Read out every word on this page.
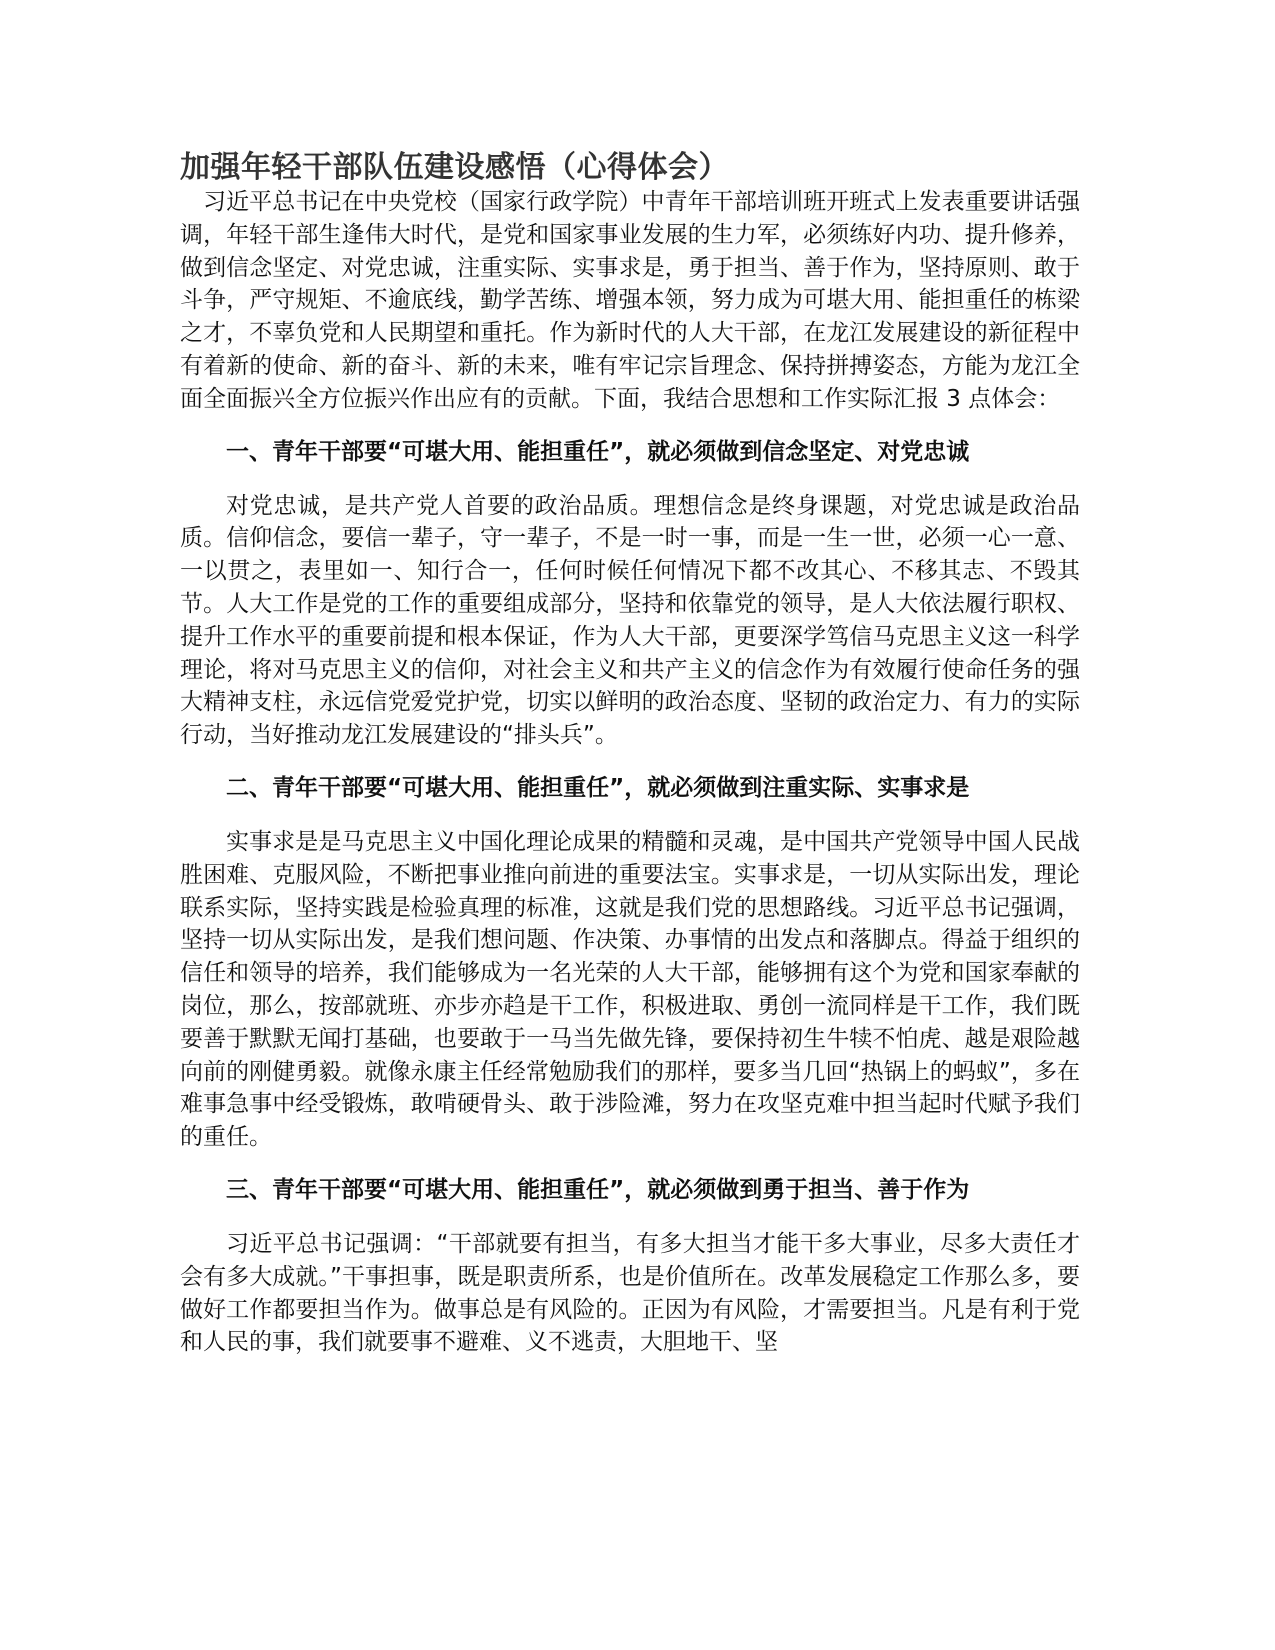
加强年轻干部队伍建设感悟（心得体会）

习近平总书记在中央党校（国家行政学院）中青年干部培训班开班式上发表重要讲话强调，年轻干部生逢伟大时代，是党和国家事业发展的生力军，必须练好内功、提升修养，做到信念坚定、对党忠诚，注重实际、实事求是，勇于担当、善于作为，坚持原则、敢于斗争，严守规矩、不逾底线，勤学苦练、增强本领，努力成为可堪大用、能担重任的栋梁之才，不辜负党和人民期望和重托。作为新时代的人大干部，在龙江发展建设的新征程中有着新的使命、新的奋斗、新的未来，唯有牢记宗旨理念、保持拼搏姿态，方能为龙江全面全面振兴全方位振兴作出应有的贡献。下面，我结合思想和工作实际汇报 3 点体会：

一、青年干部要“可堪大用、能担重任”，就必须做到信念坚定、对党忠诚

对党忠诚，是共产党人首要的政治品质。理想信念是终身课题，对党忠诚是政治品质。信仰信念，要信一辈子，守一辈子，不是一时一事，而是一生一世，必须一心一意、一以贯之，表里如一、知行合一，任何时候任何情况下都不改其心、不移其志、不毁其节。人大工作是党的工作的重要组成部分，坚持和依靠党的领导，是人大依法履行职权、提升工作水平的重要前提和根本保证，作为人大干部，更要深学笃信马克思主义这一科学理论，将对马克思主义的信仰，对社会主义和共产主义的信念作为有效履行使命任务的强大精神支柱，永远信党爱党护党，切实以鲜明的政治态度、坚韧的政治定力、有力的实际行动，当好推动龙江发展建设的“排头兵”。

二、青年干部要“可堪大用、能担重任”，就必须做到注重实际、实事求是

实事求是是马克思主义中国化理论成果的精髓和灵魂，是中国共产党领导中国人民战胜困难、克服风险，不断把事业推向前进的重要法宝。实事求是，一切从实际出发，理论联系实际，坚持实践是检验真理的标准，这就是我们党的思想路线。习近平总书记强调，坚持一切从实际出发，是我们想问题、作决策、办事情的出发点和落脚点。得益于组织的信任和领导的培养，我们能够成为一名光荣的人大干部，能够拥有这个为党和国家奉献的岗位，那么，按部就班、亦步亦趋是干工作，积极进取、勇创一流同样是干工作，我们既要善于默默无闻打基础，也要敢于一马当先做先锋，要保持初生牛犊不怕虎、越是艰险越向前的刚健勇毅。就像永康主任经常勉励我们的那样，要多当几回“热锅上的蚂蚁”，多在难事急事中经受锻炼，敢啃硬骨头、敢于涉险滩，努力在攻坚克难中担当起时代赋予我们的重任。

三、青年干部要“可堪大用、能担重任”，就必须做到勇于担当、善于作为

习近平总书记强调：“干部就要有担当，有多大担当才能干多大事业，尽多大责任才会有多大成就。”干事担事，既是职责所系，也是价值所在。改革发展稳定工作那么多，要做好工作都要担当作为。做事总是有风险的。正因为有风险，才需要担当。凡是有利于党和人民的事，我们就要事不避难、义不逃责，大胆地干、坚
